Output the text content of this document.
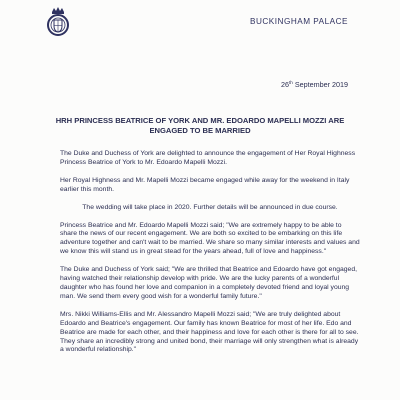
BUCKINGHAM PALACE
26th September 2019
HRH PRINCESS BEATRICE OF YORK AND MR. EDOARDO MAPELLI MOZZI ARE
ENGAGED TO BE MARRIED

The Duke and Duchess of York are delighted to announce the engagement of Her Royal Highness Princess Beatrice of York to Mr. Edoardo Mapelli Mozzi.

Her Royal Highness and Mr. Mapelli Mozzi became engaged while away for the weekend in Italy earlier this month.

The wedding will take place in 2020. Further details will be announced in due course.

Princess Beatrice and Mr. Edoardo Mapelli Mozzi said; "We are extremely happy to be able to share the news of our recent engagement. We are both so excited to be embarking on this life adventure together and can't wait to be married. We share so many similar interests and values and we know this will stand us in great stead for the years ahead, full of love and happiness."

The Duke and Duchess of York said; "We are thrilled that Beatrice and Edoardo have got engaged, having watched their relationship develop with pride. We are the lucky parents of a wonderful daughter who has found her love and companion in a completely devoted friend and loyal young man. We send them every good wish for a wonderful family future."

Mrs. Nikki Williams-Ellis and Mr. Alessandro Mapelli Mozzi said; "We are truly delighted about Edoardo and Beatrice's engagement. Our family has known Beatrice for most of her life. Edo and Beatrice are made for each other, and their happiness and love for each other is there for all to see. They share an incredibly strong and united bond, their marriage will only strengthen what is already a wonderful relationship."
